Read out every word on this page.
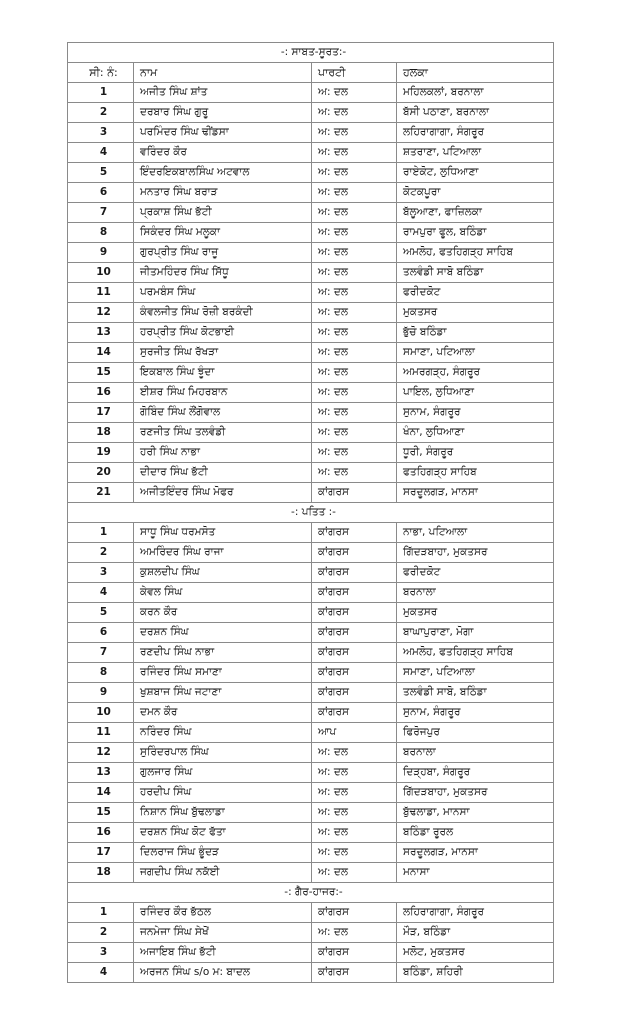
-: ਸਾਬਤ-ਸੂਰਤ:-			
ਸੀ: ਨੰ:	ਨਾਮ	ਪਾਰਟੀ	ਹਲਕਾ
1	ਅਜੀਤ ਸਿੰਘ ਸ਼ਾਂਤ	ਅ: ਦਲ	ਮਹਿਲਕਲਾਂ, ਬਰਨਾਲਾ
2	ਦਰਬਾਰ ਸਿੰਘ ਗੁਰੂ	ਅ: ਦਲ	ਬੱਸੀ ਪਠਾਣਾ, ਬਰਨਾਲਾ
3	ਪਰਮਿੰਦਰ ਸਿੰਘ ਢੀਂਡਸਾ	ਅ: ਦਲ	ਲਹਿਰਾਗਾਗਾ, ਸੰਗਰੂਰ
4	ਵਰਿੰਦਰ ਕੌਰ	ਅ: ਦਲ	ਸ਼ਤਰਾਣਾ, ਪਟਿਆਲਾ
5	ਇੰਦਰਇਕਬਾਲਸਿੰਘ ਅਟਵਾਲ	ਅ: ਦਲ	ਰਾਏਕੋਟ, ਲੁਧਿਆਣਾ
6	ਮਨਤਾਰ ਸਿੰਘ ਬਰਾੜ	ਅ: ਦਲ	ਕੋਟਕਪੂਰਾ
7	ਪ੍ਰਕਾਸ਼ ਸਿੰਘ ਭੱਟੀ	ਅ: ਦਲ	ਬੱਲੂਆਣਾ, ਫਾਜ਼ਿਲਕਾ
8	ਸਿਕੰਦਰ ਸਿੰਘ ਮਲੂਕਾ	ਅ: ਦਲ	ਰਾਮਪੁਰਾ ਫੂਲ, ਬਠਿੰਡਾ
9	ਗੁਰਪ੍ਰੀਤ ਸਿੰਘ ਰਾਜੂ	ਅ: ਦਲ	ਅਮਲੋਹ, ਫਤਹਿਗੜ੍ਹ ਸਾਹਿਬ
10	ਜੀਤਮਹਿੰਦਰ ਸਿੰਘ ਸਿੱਧੂ	ਅ: ਦਲ	ਤਲਵੰਡੀ ਸਾਬੋ ਬਠਿੰਡਾ
11	ਪਰਮਬੰਸ ਸਿੰਘ	ਅ: ਦਲ	ਫਰੀਦਕੋਟ
12	ਕੰਵਲਜੀਤ ਸਿੰਘ ਰੋਜ਼ੀ ਬਰਕੰਦੀ	ਅ: ਦਲ	ਮੁਕਤਸਰ
13	ਹਰਪ੍ਰੀਤ ਸਿੰਘ ਕੋਟਭਾਈ	ਅ: ਦਲ	ਭੁੱਚੋ ਬਠਿੰਡਾ
14	ਸੁਰਜੀਤ ਸਿੰਘ ਰੱਖੜਾ	ਅ: ਦਲ	ਸਮਾਣਾ, ਪਟਿਆਲਾ
15	ਇਕਬਾਲ ਸਿੰਘ ਝੂੰਦਾ	ਅ: ਦਲ	ਅਮਰਗੜ੍ਹ, ਸੰਗਰੂਰ
16	ਈਸ਼ਰ ਸਿੰਘ ਮਿਹਰਬਾਨ	ਅ: ਦਲ	ਪਾਇਲ, ਲੁਧਿਆਣਾ
17	ਗੋਬਿੰਦ ਸਿੰਘ ਲੌਂਗੋਵਾਲ	ਅ: ਦਲ	ਸੁਨਾਮ, ਸੰਗਰੂਰ
18	ਰਣਜੀਤ ਸਿੰਘ ਤਲਵੰਡੀ	ਅ: ਦਲ	ਖੰਨਾ, ਲੁਧਿਆਣਾ
19	ਹਰੀ ਸਿੰਘ ਨਾਭਾ	ਅ: ਦਲ	ਧੂਰੀ, ਸੰਗਰੂਰ
20	ਦੀਦਾਰ ਸਿੰਘ ਭੱਟੀ	ਅ: ਦਲ	ਫਤਹਿਗੜ੍ਹ ਸਾਹਿਬ
21	ਅਜੀਤਇੰਦਰ ਸਿੰਘ ਮੋਫਰ	ਕਾਂਗਰਸ	ਸਰਦੂਲਗੜ, ਮਾਨਸਾ
-: ਪਤਿਤ :-			
1	ਸਾਧੂ ਸਿੰਘ ਧਰਮਸੋਤ	ਕਾਂਗਰਸ	ਨਾਭਾ, ਪਟਿਆਲਾ
2	ਅਮਰਿੰਦਰ ਸਿੰਘ ਰਾਜਾ	ਕਾਂਗਰਸ	ਗਿੱਦੜਬਾਹਾ, ਮੁਕਤਸਰ
3	ਕੁਸ਼ਲਦੀਪ ਸਿੰਘ	ਕਾਂਗਰਸ	ਫਰੀਦਕੋਟ
4	ਕੇਵਲ ਸਿੰਘ	ਕਾਂਗਰਸ	ਬਰਨਾਲਾ
5	ਕਰਨ ਕੌਰ	ਕਾਂਗਰਸ	ਮੁਕਤਸਰ
6	ਦਰਸ਼ਨ ਸਿੰਘ	ਕਾਂਗਰਸ	ਬਾਘਾਪੁਰਾਣਾ, ਮੋਗਾ
7	ਰਣਦੀਪ ਸਿੰਘ ਨਾਭਾ	ਕਾਂਗਰਸ	ਅਮਲੋਹ, ਫਤਹਿਗੜ੍ਹ ਸਾਹਿਬ
8	ਰਜਿੰਦਰ ਸਿੰਘ ਸਮਾਣਾ	ਕਾਂਗਰਸ	ਸਮਾਣਾ, ਪਟਿਆਲਾ
9	ਖੁਸ਼ਬਾਜ ਸਿੰਘ ਜਟਾਣਾ	ਕਾਂਗਰਸ	ਤਲਵੰਡੀ ਸਾਬੋ, ਬਠਿੰਡਾ
10	ਦਮਨ ਕੌਰ	ਕਾਂਗਰਸ	ਸੁਨਾਮ, ਸੰਗਰੂਰ
11	ਨਰਿੰਦਰ ਸਿੰਘ	ਆਪ	ਫਿਰੋਜਪੁਰ
12	ਸੁਰਿੰਦਰਪਾਲ ਸਿੰਘ	ਅ: ਦਲ	ਬਰਨਾਲਾ
13	ਗੁਲਜਾਰ ਸਿੰਘ	ਅ: ਦਲ	ਦਿੜ੍ਹਬਾ, ਸੰਗਰੂਰ
14	ਹਰਦੀਪ ਸਿੰਘ	ਅ: ਦਲ	ਗਿੱਦੜਬਾਹਾ, ਮੁਕਤਸਰ
15	ਨਿਸ਼ਾਨ ਸਿੰਘ ਬੁੱਢਲਾਡਾ	ਅ: ਦਲ	ਬੁੱਢਲਾਡਾ, ਮਾਨਸਾ
16	ਦਰਸ਼ਨ ਸਿੰਘ ਕੋਟ ਫੱਤਾ	ਅ: ਦਲ	ਬਠਿੰਡਾ ਰੂਰਲ
17	ਦਿਲਰਾਜ ਸਿੰਘ ਭੂੰਦੜ	ਅ: ਦਲ	ਸਰਦੂਲਗੜ, ਮਾਨਸਾ
18	ਜਗਦੀਪ ਸਿੰਘ ਨਕੱਈ	ਅ: ਦਲ	ਮਨਾਸਾ
-: ਗੈਰ-ਹਾਜਰ:-			
1	ਰਜਿੰਦਰ ਕੌਰ ਭੱਠਲ	ਕਾਂਗਰਸ	ਲਹਿਰਾਗਾਗਾ, ਸੰਗਰੂਰ
2	ਜਨਮੇਜਾ ਸਿੰਘ ਸੇਖੋਂ	ਅ: ਦਲ	ਮੌੜ, ਬਠਿੰਡਾ
3	ਅਜਾਇਬ ਸਿੰਘ ਭੱਟੀ	ਕਾਂਗਰਸ	ਮਲੋਟ, ਮੁਕਤਸਰ
4	ਅਰਜਨ ਸਿੰਘ s/o ਮ: ਬਾਦਲ	ਕਾਂਗਰਸ	ਬਠਿੰਡਾ, ਸ਼ਹਿਰੀ
